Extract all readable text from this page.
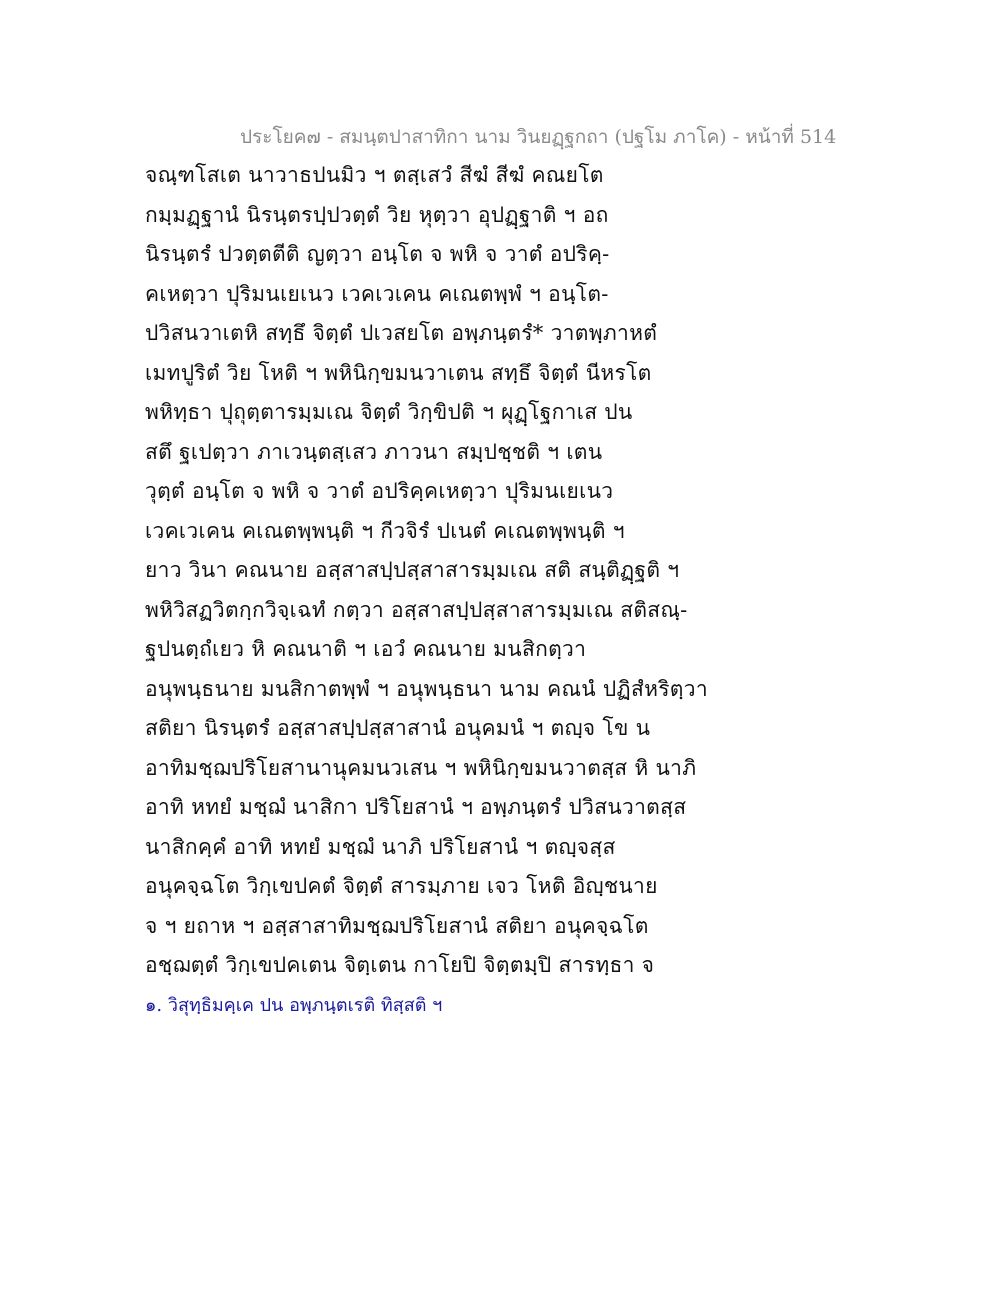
ประโยค๗ - สมนฺตปาสาทิกา นาม วินยฏฺฐกถา (ปฐโม ภาโค) - หน้าที่ 514
จณฺฑโสเต นาวาธปนมิว ฯ ตสฺเสวํ สีฆํ สีฆํ คณยโต
กมฺมฏฺฐานํ นิรนฺตรปฺปวตฺตํ วิย หุตฺวา อุปฏฺฐาติ ฯ อถ
นิรนฺตรํ ปวตฺตตีติ ญตฺวา อนฺโต จ พหิ จ วาตํ อปริคฺ-
คเหตฺวา ปุริมนเยเนว เวคเวเคน คเณตพฺพํ ฯ อนฺโต-
ปวิสนวาเตหิ สทฺธึ จิตฺตํ ปเวสยโต อพฺภนฺตรํ* วาตพฺภาหตํ
เมทปูริตํ วิย โหติ ฯ พหินิกฺขมนวาเตน สทฺธึ จิตฺตํ นีหรโต
พหิทฺธา ปุถุตฺตารมฺมเณ จิตฺตํ วิกฺขิปติ ฯ ผุฏฺโฐกาเส ปน
สตึ ฐเปตฺวา ภาเวนฺตสฺเสว ภาวนา สมฺปชฺชติ ฯ เตน
วุตฺตํ อนฺโต จ พหิ จ วาตํ อปริคฺคเหตฺวา ปุริมนเยเนว
เวคเวเคน คเณตพฺพนฺติ ฯ กีวจิรํ ปเนตํ คเณตพฺพนฺติ ฯ
ยาว วินา คณนาย อสฺสาสปฺปสฺสาสารมฺมเณ สติ สนฺติฏฺฐติ ฯ
พหิวิสฏวิตกฺกวิจฺเฉทํ กตฺวา อสฺสาสปฺปสฺสาสารมฺมเณ สติสณฺ-
ฐปนตฺถํเยว หิ คณนาติ ฯ เอวํ คณนาย มนสิกตฺวา
อนุพนฺธนาย มนสิกาตพฺพํ ฯ อนุพนฺธนา นาม คณนํ ปฏิสํหริตฺวา
สติยา นิรนฺตรํ อสฺสาสปฺปสฺสาสานํ อนุคมนํ ฯ ตญฺจ โข น
อาทิมชฺฌปริโยสานานุคมนวเสน ฯ พหินิกฺขมนวาตสฺส หิ นาภิ
อาทิ หทยํ มชฺฌํ นาสิกา ปริโยสานํ ฯ อพฺภนฺตรํ ปวิสนวาตสฺส
นาสิกคฺคํ อาทิ หทยํ มชฺฌํ นาภิ ปริโยสานํ ฯ ตญฺจสฺส
อนุคจฺฉโต วิกฺเขปคตํ จิตฺตํ สารมฺภาย เจว โหติ อิญฺชนาย
จ ฯ ยถาห ฯ อสฺสาสาทิมชฺฌปริโยสานํ สติยา อนุคจฺฉโต
อชฺฌตฺตํ วิกฺเขปคเตน จิตฺเตน กาโยปิ จิตฺตมฺปิ สารทฺธา จ
๑. วิสุทฺธิมคฺเค ปน อพฺภนฺตเรติ ทิสฺสติ ฯ
